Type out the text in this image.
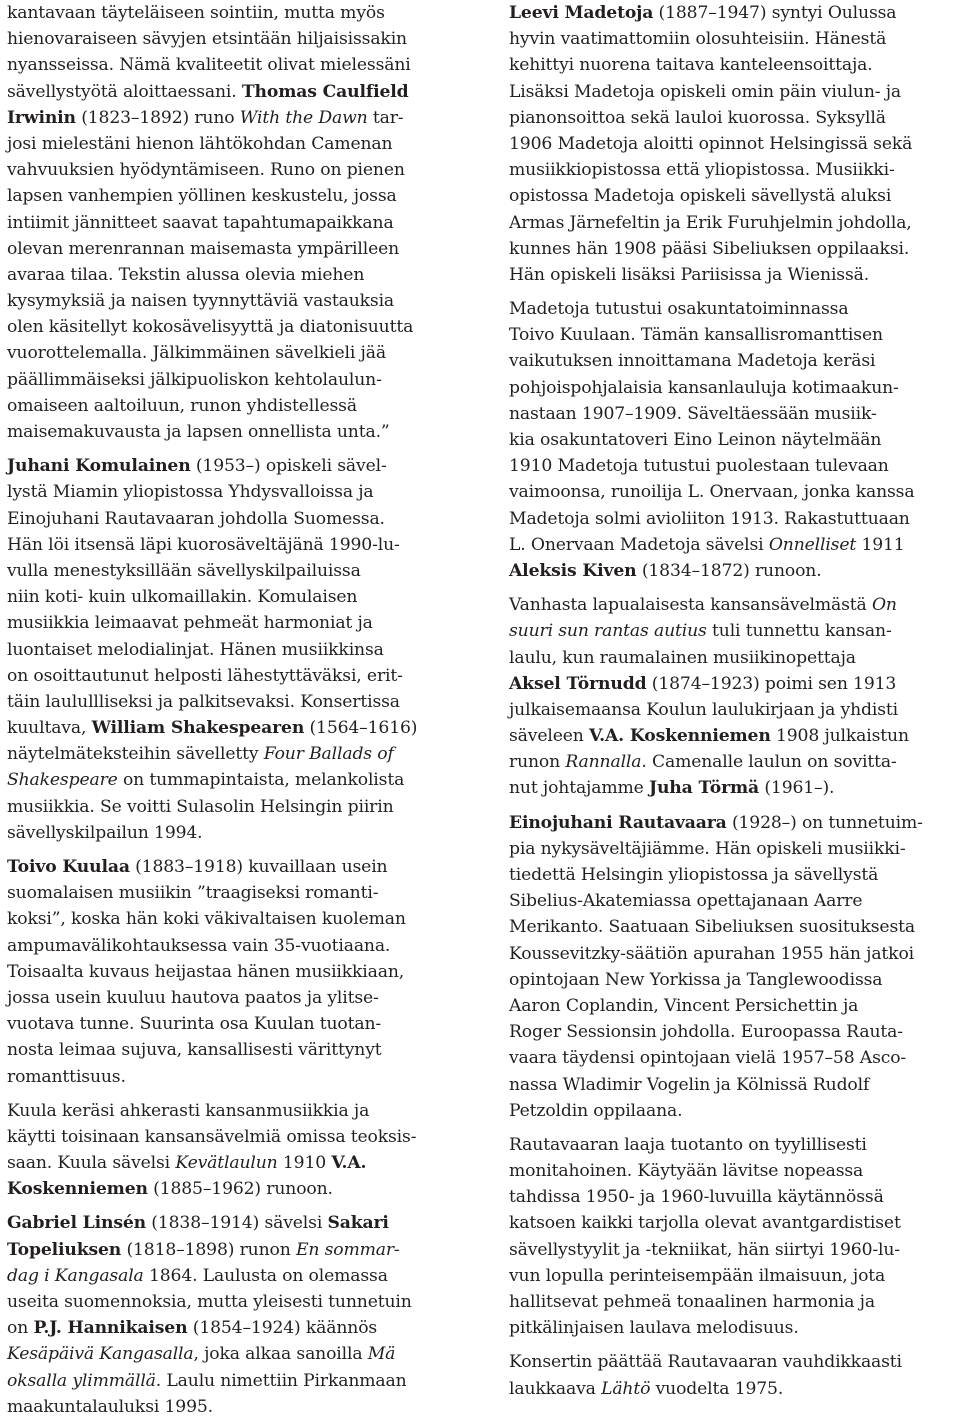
kantavaan täyteläiseen sointiin, mutta myös
hienovaraiseen sävyjen etsintään hiljaisissakin
nyansseissa. Nämä kvaliteetit olivat mielessäni
sävellystyötä aloittaessani. Thomas Caulfield
Irwinin (1823–1892) runo With the Dawn tar-
josi mielestäni hienon lähtökohdan Camenan
vahvuuksien hyödyntämiseen. Runo on pienen
lapsen vanhempien yöllinen keskustelu, jossa
intiimit jännitteet saavat tapahtumapaikkana
olevan merenrannan maisemasta ympärilleen
avaraa tilaa. Tekstin alussa olevia miehen
kysymyksiä ja naisen tyynnyttäviä vastauksia
olen käsitellyt kokosävelisyyttä ja diatonisuutta
vuorottelemalla. Jälkimmäinen sävelkieli jää
päällimmäiseksi jälkipuoliskon kehtolaulun-
omaiseen aaltoiluun, runon yhdistellessä
maisemakuvausta ja lapsen onnellista unta.”
Juhani Komulainen (1953–) opiskeli sävel-
lystä Miamin yliopistossa Yhdysvalloissa ja
Einojuhani Rautavaaran johdolla Suomessa.
Hän löi itsensä läpi kuorosäveltäjänä 1990-lu-
vulla menestyksillään sävellyskilpailuissa
niin koti- kuin ulkomaillakin. Komulaisen
musiikkia leimaavat pehmeät harmoniat ja
luontaiset melodialinjat. Hänen musiikkinsa
on osoittautunut helposti lähestyttäväksi, erit-
täin laulullliseksi ja palkitsevaksi. Konsertissa
kuultava, William Shakespearen (1564–1616)
näytelmäteksteihin sävelletty Four Ballads of
Shakespeare on tummapintaista, melankolista
musiikkia. Se voitti Sulasolin Helsingin piirin
sävellyskilpailun 1994.
Toivo Kuulaa (1883–1918) kuvaillaan usein
suomalaisen musiikin ”traagiseksi romanti-
koksi”, koska hän koki väkivaltaisen kuoleman
ampumavälikohtauksessa vain 35-vuotiaana.
Toisaalta kuvaus heijastaa hänen musiikkiaan,
jossa usein kuuluu hautova paatos ja ylitse-
vuotava tunne. Suurinta osa Kuulan tuotan-
nosta leimaa sujuva, kansallisesti värittynyt
romanttisuus.
Kuula keräsi ahkerasti kansanmusiikkia ja
käytti toisinaan kansansävelmiä omissa teoksis-
saan. Kuula sävelsi Kevätlaulun 1910 V.A.
Koskenniemen (1885–1962) runoon.
Gabriel Linsén (1838–1914) sävelsi Sakari
Topeliuksen (1818–1898) runon En sommar-
dag i Kangasala 1864. Laulusta on olemassa
useita suomennoksia, mutta yleisesti tunnetuin
on P.J. Hannikaisen (1854–1924) käännös
Kesäpäivä Kangasalla, joka alkaa sanoilla Mä
oksalla ylimmällä. Laulu nimettiin Pirkanmaan
maakuntalauluksi 1995.
Leevi Madetoja (1887–1947) syntyi Oulussa
hyvin vaatimattomiin olosuhteisiin. Hänestä
kehittyi nuorena taitava kanteleensoittaja.
Lisäksi Madetoja opiskeli omin päin viulun- ja
pianonsoittoa sekä lauloi kuorossa. Syksyllä
1906 Madetoja aloitti opinnot Helsingissä sekä
musiikkiopistossa että yliopistossa. Musiikki-
opistossa Madetoja opiskeli sävellystä aluksi
Armas Järnefeltin ja Erik Furuhjelmin johdolla,
kunnes hän 1908 pääsi Sibeliuksen oppilaaksi.
Hän opiskeli lisäksi Pariisissa ja Wienissä.
Madetoja tutustui osakuntatoiminnassa
Toivo Kuulaan. Tämän kansallisromanttisen
vaikutuksen innoittamana Madetoja keräsi
pohjoispohjalaisia kansanlauluja kotimaakun-
nastaan 1907–1909. Säveltäessään musiik-
kia osakuntatoveri Eino Leinon näytelmään
1910 Madetoja tutustui puolestaan tulevaan
vaimoonsa, runoilija L. Onervaan, jonka kanssa
Madetoja solmi avioliiton 1913. Rakastuttuaan
L. Onervaan Madetoja sävelsi Onnelliset 1911
Aleksis Kiven (1834–1872) runoon.
Vanhasta lapualaisesta kansansävelmästä On
suuri sun rantas autius tuli tunnettu kansan-
laulu, kun raumalainen musiikinopettaja
Aksel Törnudd (1874–1923) poimi sen 1913
julkaisemaansa Koulun laulukirjaan ja yhdisti
säveleen V.A. Koskenniemen 1908 julkaistun
runon Rannalla. Camenalle laulun on sovitta-
nut johtajamme Juha Törmä (1961–).
Einojuhani Rautavaara (1928–) on tunnetuim-
pia nykysäveltäjiämme. Hän opiskeli musiikki-
tiedettä Helsingin yliopistossa ja sävellystä
Sibelius-Akatemiassa opettajanaan Aarre
Merikanto. Saatuaan Sibeliuksen suosituksesta
Koussevitzky-säätiön apurahan 1955 hän jatkoi
opintojaan New Yorkissa ja Tanglewoodissa
Aaron Coplandin, Vincent Persichettin ja
Roger Sessionsin johdolla. Euroopassa Rauta-
vaara täydensi opintojaan vielä 1957–58 Asco-
nassa Wladimir Vogelin ja Kölnissä Rudolf
Petzoldin oppilaana.
Rautavaaran laaja tuotanto on tyylillisesti
monitahoinen. Käytyään lävitse nopeassa
tahdissa 1950- ja 1960-luvuilla käytännössä
katsoen kaikki tarjolla olevat avantgardistiset
sävellystyylit ja -tekniikat, hän siirtyi 1960-lu-
vun lopulla perinteisempään ilmaisuun, jota
hallitsevat pehmeä tonaalinen harmonia ja
pitkälinjaisen laulava melodisuus.
Konsertin päättää Rautavaaran vauhdikkaasti
laukkaava Lähtö vuodelta 1975.
